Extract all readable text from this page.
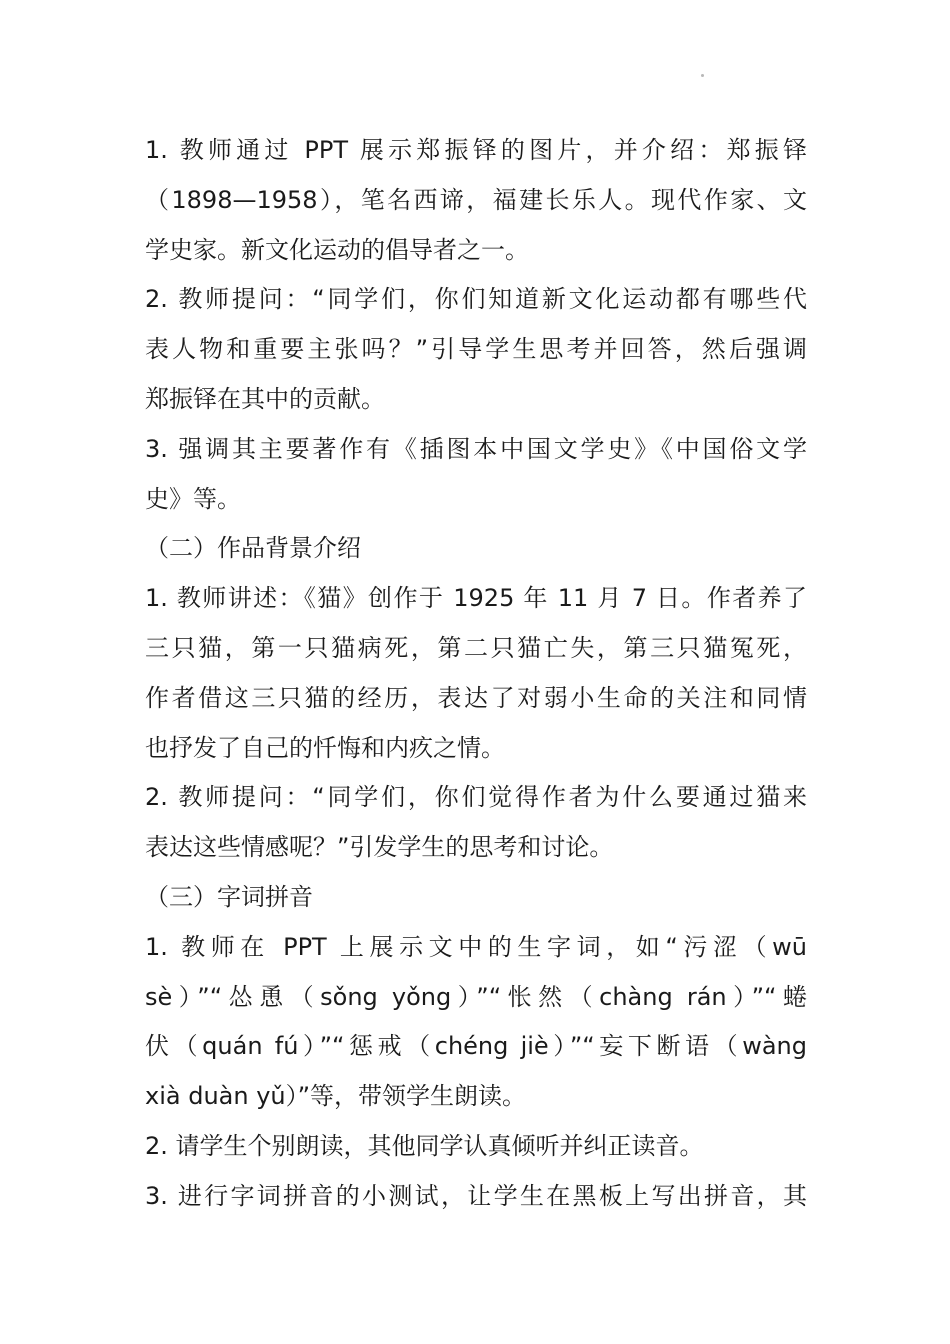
1. 教师通过 PPT 展示郑振铎的图片，并介绍：郑振铎
（1898—1958），笔名西谛，福建长乐人。现代作家、文
学史家。新文化运动的倡导者之一。
2. 教师提问：“同学们，你们知道新文化运动都有哪些代
表人物和重要主张吗？”引导学生思考并回答，然后强调
郑振铎在其中的贡献。
3. 强调其主要著作有《插图本中国文学史》《中国俗文学
史》等。
（二）作品背景介绍
1. 教师讲述：《猫》创作于 1925 年 11 月 7 日。作者养了
三只猫，第一只猫病死，第二只猫亡失，第三只猫冤死，
作者借这三只猫的经历，表达了对弱小生命的关注和同情
也抒发了自己的忏悔和内疚之情。
2. 教师提问：“同学们，你们觉得作者为什么要通过猫来
表达这些情感呢？”引发学生的思考和讨论。
（三）字词拼音
1. 教师在 PPT 上展示文中的生字词，如“污涩（wū
sè）”“怂恿（sǒng yǒng）”“怅然（chàng rán）”“蜷
伏（quán fú）”“惩戒（chéng jiè）”“妄下断语（wàng
xià duàn yǔ）”等，带领学生朗读。
2. 请学生个别朗读，其他同学认真倾听并纠正读音。
3. 进行字词拼音的小测试，让学生在黑板上写出拼音，其
